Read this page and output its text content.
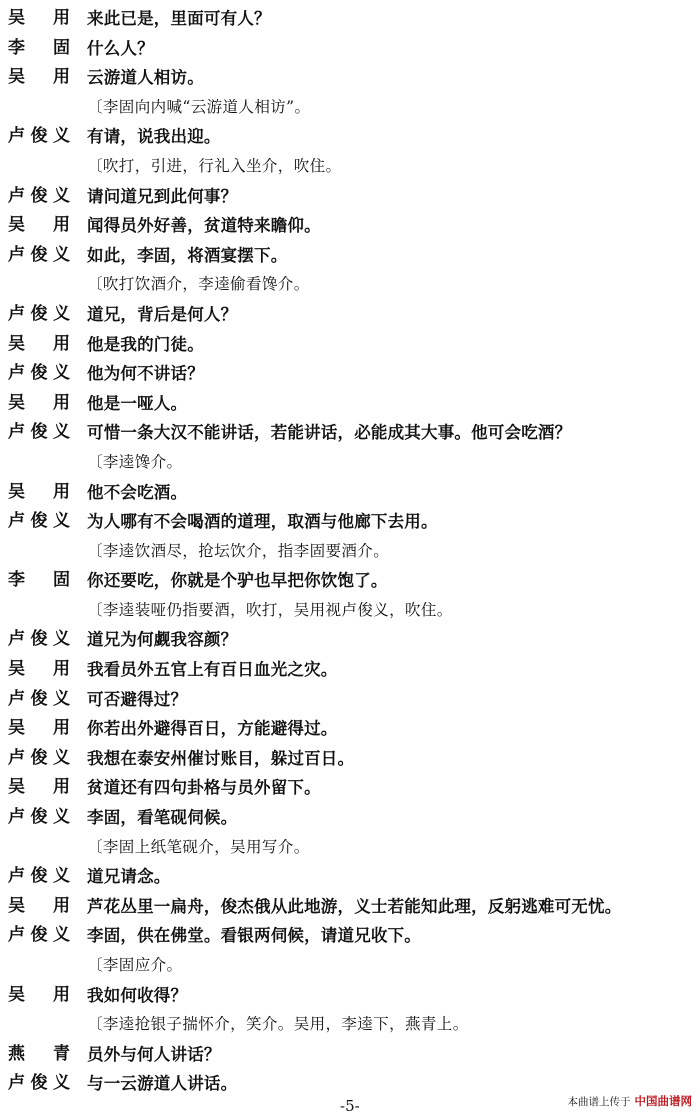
吴　用 来此已是，里面可有人？
李　固 什么人？
吴　用 云游道人相访。
〔李固向内喊“云游道人相访”。
卢俊义 有请，说我出迎。
〔吹打，引进，行礼入坐介，吹住。
卢俊义 请问道兄到此何事？
吴　用 闻得员外好善，贫道特来瞻仰。
卢俊义 如此，李固，将酒宴摆下。
〔吹打饮酒介，李逵偷看馋介。
卢俊义 道兄，背后是何人？
吴　用 他是我的门徒。
卢俊义 他为何不讲话？
吴　用 他是一哑人。
卢俊义 可惜一条大汉不能讲话，若能讲话，必能成其大事。他可会吃酒？
〔李逵馋介。
吴　用 他不会吃酒。
卢俊义 为人哪有不会喝酒的道理，取酒与他廊下去用。
〔李逵饮酒尽，抢坛饮介，指李固要酒介。
李　固 你还要吃，你就是个驴也早把你饮饱了。
〔李逵装哑仍指要酒，吹打，吴用视卢俊义，吹住。
卢俊义 道兄为何觑我容颜？
吴　用 我看员外五官上有百日血光之灾。
卢俊义 可否避得过？
吴　用 你若出外避得百日，方能避得过。
卢俊义 我想在泰安州催讨账目，躲过百日。
吴　用 贫道还有四句卦格与员外留下。
卢俊义 李固，看笔砚伺候。
〔李固上纸笔砚介，吴用写介。
卢俊义 道兄请念。
吴　用 芦花丛里一扁舟，俊杰俄从此地游，义士若能知此理，反躬逃难可无忧。
卢俊义 李固，供在佛堂。看银两伺候，请道兄收下。
〔李固应介。
吴　用 我如何收得？
〔李逵抢银子揣怀介，笑介。吴用，李逵下，燕青上。
燕　青 员外与何人讲话？
卢俊义 与一云游道人讲话。
-5-	本曲谱上传于 中国曲谱网
